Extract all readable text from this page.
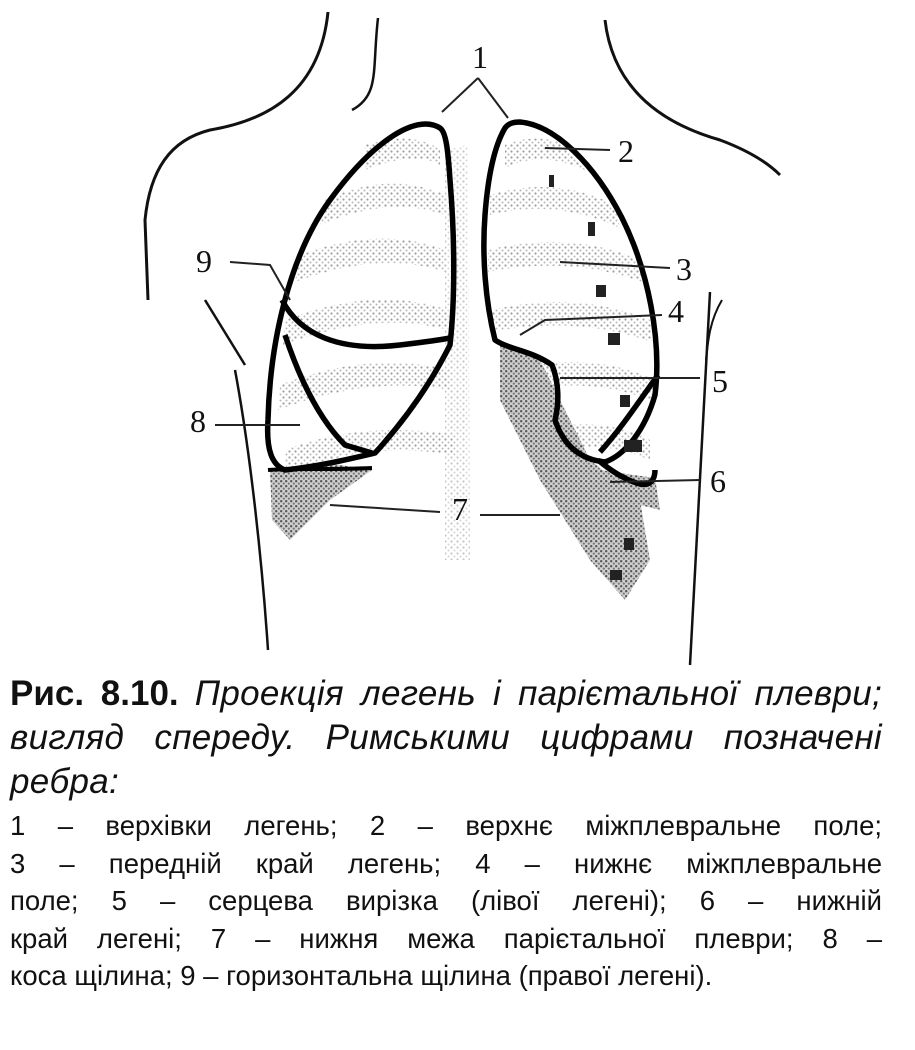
1
2
3
4
5
6
7
8
9
Рис. 8.10. Проекція легень і парієтальної плеври; вигляд спереду. Римськими цифрами позначені ребра:
1 – верхівки легень; 2 – верхнє міжплевральне поле;
3 – передній край легень; 4 – нижнє міжплевральне
поле; 5 – серцева вирізка (лівої легені); 6 – нижній
край легені; 7 – нижня межа парієтальної плеври; 8 –
коса щілина; 9 – горизонтальна щілина (правої легені).
